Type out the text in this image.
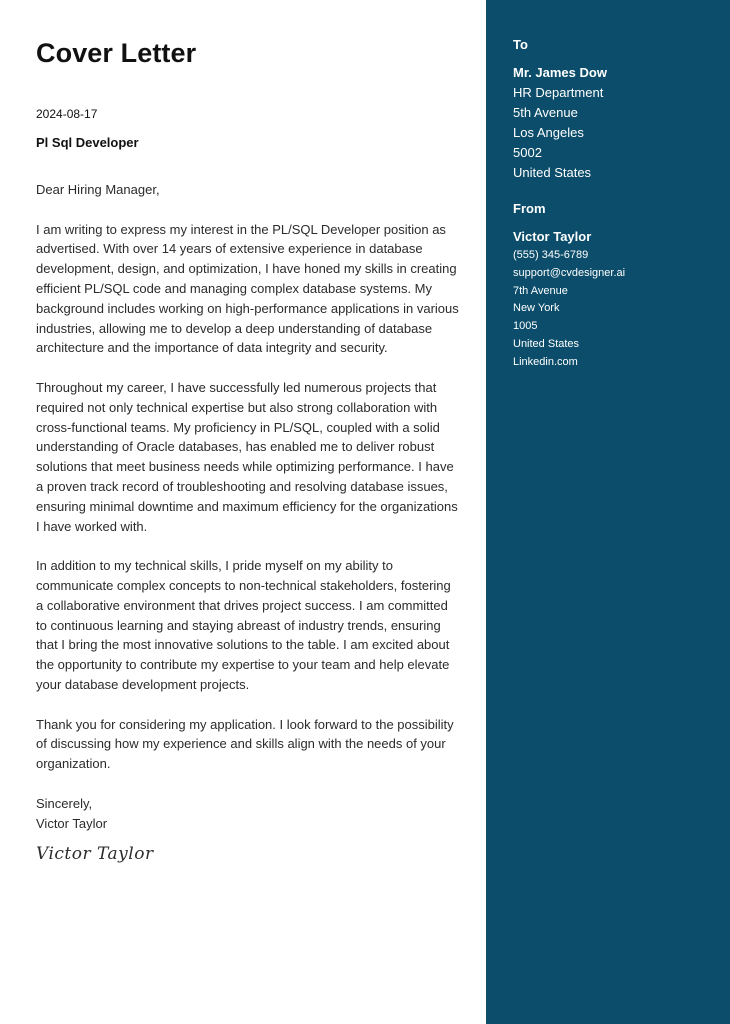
Cover Letter
2024-08-17
Pl Sql Developer

Dear Hiring Manager,

I am writing to express my interest in the PL/SQL Developer position as advertised. With over 14 years of extensive experience in database development, design, and optimization, I have honed my skills in creating efficient PL/SQL code and managing complex database systems. My background includes working on high-performance applications in various industries, allowing me to develop a deep understanding of database architecture and the importance of data integrity and security.

Throughout my career, I have successfully led numerous projects that required not only technical expertise but also strong collaboration with cross-functional teams. My proficiency in PL/SQL, coupled with a solid understanding of Oracle databases, has enabled me to deliver robust solutions that meet business needs while optimizing performance. I have a proven track record of troubleshooting and resolving database issues, ensuring minimal downtime and maximum efficiency for the organizations I have worked with.

In addition to my technical skills, I pride myself on my ability to communicate complex concepts to non-technical stakeholders, fostering a collaborative environment that drives project success. I am committed to continuous learning and staying abreast of industry trends, ensuring that I bring the most innovative solutions to the table. I am excited about the opportunity to contribute my expertise to your team and help elevate your database development projects.

Thank you for considering my application. I look forward to the possibility of discussing how my experience and skills align with the needs of your organization.

Sincerely,
Victor Taylor
Victor Taylor
To
Mr. James Dow
HR Department
5th Avenue
Los Angeles
5002
United States
From
Victor Taylor
(555) 345-6789
support@cvdesigner.ai
7th Avenue
New York
1005
United States
Linkedin.com
